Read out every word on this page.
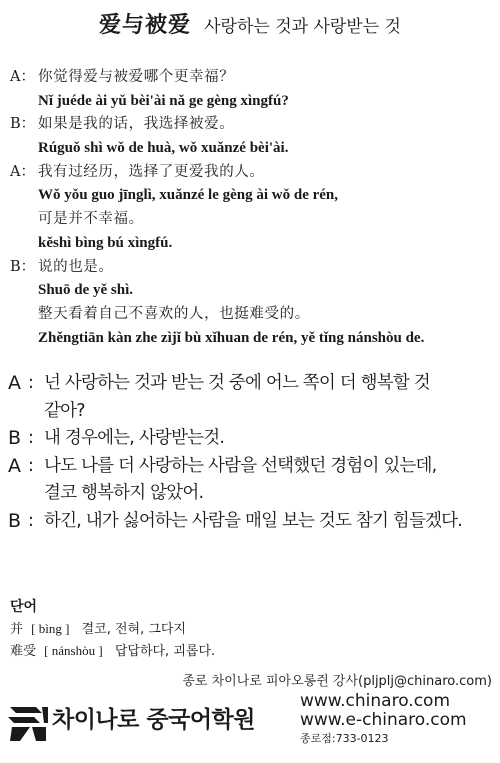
爱与被爱 사랑하는 것과 사랑받는 것
A： 你觉得爱与被爱哪个更幸福？
Nǐ juéde ài yǔ bèi'ài nǎ ge gèng xìngfú?
B： 如果是我的话，我选择被爱。
Rúguǒ shì wǒ de huà, wǒ xuǎnzé bèi'ài.
A： 我有过经历，选择了更爱我的人。
Wǒ yǒu guo jīnglì, xuǎnzé le gèng ài wǒ de rén,
可是并不幸福。
kěshì bìng bú xìngfú.
B： 说的也是。
Shuō de yě shì.
整天看着自己不喜欢的人，也挺难受的。
Zhěngtiān kàn zhe zìjǐ bù xǐhuan de rén, yě tǐng nánshòu de.
A : 넌 사랑하는 것과 받는 것 중에 어느 쪽이 더 행복할 것
같아?
B : 내 경우에는, 사랑받는것.
A : 나도 나를 더 사랑하는 사람을 선택했던 경험이 있는데,
결코 행복하지 않았어.
B : 하긴, 내가 싫어하는 사람을 매일 보는 것도 참기 힘들겠다.
단어
并 [ bìng ] 결코, 전혀, 그다지
难受 [ nánshòu ] 답답하다, 괴롭다.
종로 차이나로 피아오롱쥔 강사(pljplj@chinaro.com)
차이나로 중국어학원
www.chinaro.com
www.e-chinaro.com
종로점:733-0123
